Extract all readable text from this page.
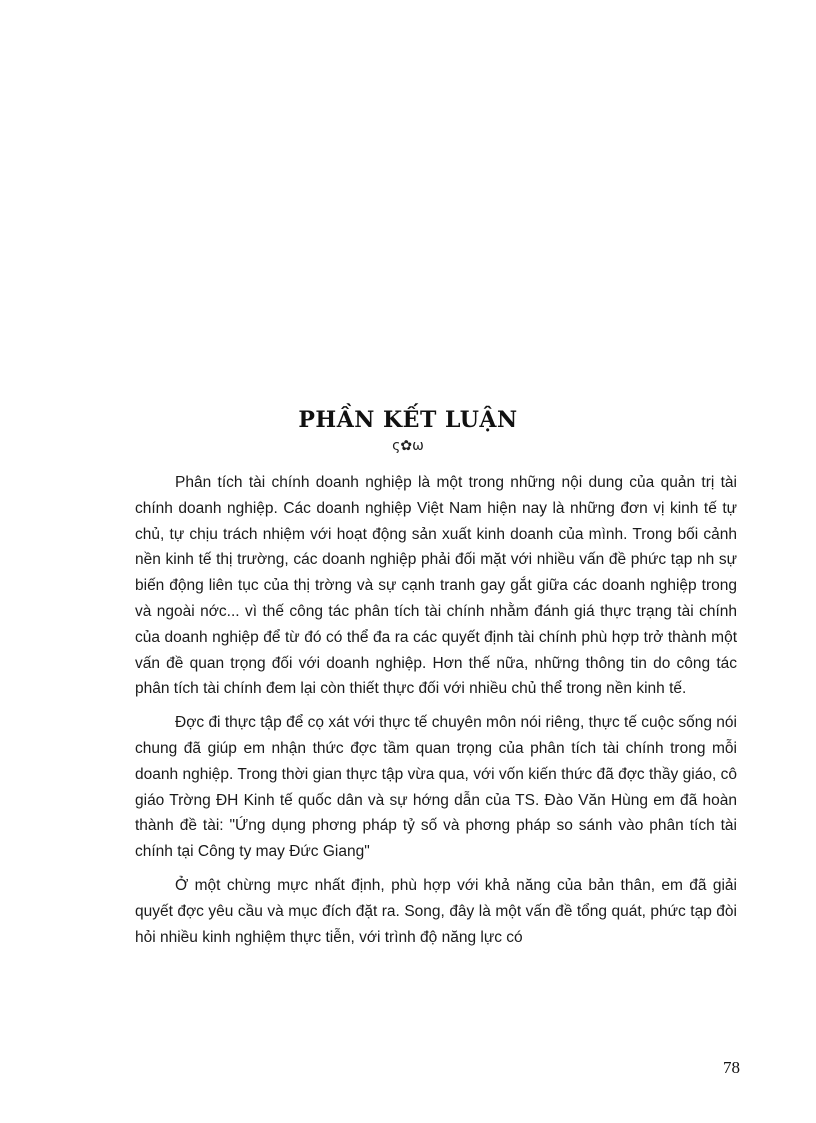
PHẦN KẾT LUẬN
ς✿ω

Phân tích tài chính doanh nghiệp là một trong những nội dung của quản trị tài chính doanh nghiệp. Các doanh nghiệp Việt Nam hiện nay là những đơn vị kinh tế tự chủ, tự chịu trách nhiệm với hoạt động sản xuất kinh doanh của mình. Trong bối cảnh nền kinh tế thị trường, các doanh nghiệp phải đối mặt với nhiều vấn đề phức tạp nh sự biến động liên tục của thị trờng và sự cạnh tranh gay gắt giữa các doanh nghiệp trong và ngoài nớc... vì thế công tác phân tích tài chính nhằm đánh giá thực trạng tài chính của doanh nghiệp để từ đó có thể đa ra các quyết định tài chính phù hợp trở thành một vấn đề quan trọng đối với doanh nghiệp. Hơn thế nữa, những thông tin do công tác phân tích tài chính đem lại còn thiết thực đối với nhiều chủ thể trong nền kinh tế.

Đợc đi thực tập để cọ xát với thực tế chuyên môn nói riêng, thực tế cuộc sống nói chung đã giúp em nhận thức đợc tầm quan trọng của phân tích tài chính trong mỗi doanh nghiệp. Trong thời gian thực tập vừa qua, với vốn kiến thức đã đợc thầy giáo, cô giáo Trờng ĐH Kinh tế quốc dân và sự hớng dẫn của TS. Đào Văn Hùng em đã hoàn thành đề tài: "Ứng dụng phơng pháp tỷ số và phơng pháp so sánh vào phân tích tài chính tại Công ty may Đức Giang"

Ở một chừng mực nhất định, phù hợp với khả năng của bản thân, em đã giải quyết đợc yêu cầu và mục đích đặt ra. Song, đây là một vấn đề tổng quát, phức tạp đòi hỏi nhiều kinh nghiệm thực tiễn, với trình độ năng lực có

78
